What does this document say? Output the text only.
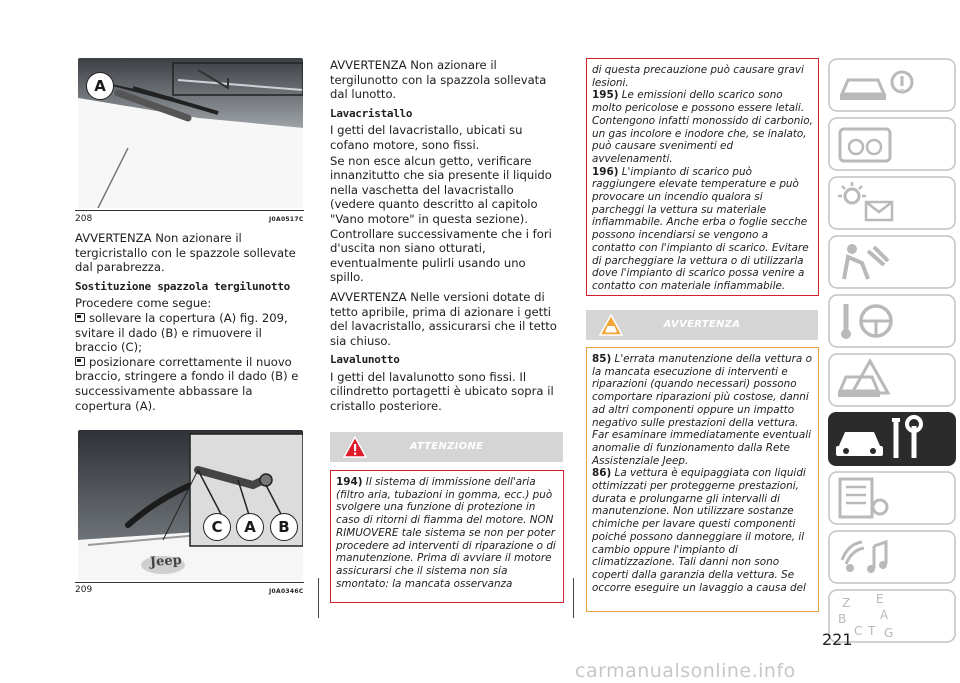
A
208	J0A0517C

AVVERTENZA Non azionare il tergicristallo con le spazzole sollevate dal parabrezza.

Sostituzione spazzola tergilunotto

Procedere come segue:

sollevare la copertura (A) fig. 209, svitare il dado (B) e rimuovere il braccio (C);
posizionare correttamente il nuovo braccio, stringere a fondo il dado (B) e successivamente abbassare la copertura (A).
Jeep
C	A	B
209	J0A0346C

AVVERTENZA Non azionare il tergilunotto con la spazzola sollevata dal lunotto.

Lavacristallo

I getti del lavacristallo, ubicati su cofano motore, sono fissi.

Se non esce alcun getto, verificare innanzitutto che sia presente il liquido nella vaschetta del lavacristallo (vedere quanto descritto al capitolo "Vano motore" in questa sezione). Controllare successivamente che i fori d'uscita non siano otturati, eventualmente pulirli usando uno spillo.

AVVERTENZA Nelle versioni dotate di tetto apribile, prima di azionare i getti del lavacristallo, assicurarsi che il tetto sia chiuso.

Lavalunotto

I getti del lavalunotto sono fissi. Il cilindretto portagetti è ubicato sopra il cristallo posteriore.

ATTENZIONE
194) Il sistema di immissione dell'aria (filtro aria, tubazioni in gomma, ecc.) può svolgere una funzione di protezione in caso di ritorni di fiamma del motore. NON RIMUOVERE tale sistema se non per poter procedere ad interventi di riparazione o di manutenzione. Prima di avviare il motore assicurarsi che il sistema non sia smontato: la mancata osservanza
di questa precauzione può causare gravi lesioni.
195) Le emissioni dello scarico sono molto pericolose e possono essere letali. Contengono infatti monossido di carbonio, un gas incolore e inodore che, se inalato, può causare svenimenti ed avvelenamenti.
196) L'impianto di scarico può raggiungere elevate temperature e può provocare un incendio qualora si parcheggi la vettura su materiale infiammabile. Anche erba o foglie secche possono incendiarsi se vengono a contatto con l'impianto di scarico. Evitare di parcheggiare la vettura o di utilizzarla dove l'impianto di scarico possa venire a contatto con materiale infiammabile.
AVVERTENZA
85) L'errata manutenzione della vettura o la mancata esecuzione di interventi e riparazioni (quando necessari) possono comportare riparazioni più costose, danni ad altri componenti oppure un impatto negativo sulle prestazioni della vettura. Far esaminare immediatamente eventuali anomalie di funzionamento dalla Rete Assistenziale Jeep.
86) La vettura è equipaggiata con liquidi ottimizzati per proteggerne prestazioni, durata e prolungarne gli intervalli di manutenzione. Non utilizzare sostanze chimiche per lavare questi componenti poiché possono danneggiare il motore, il cambio oppure l'impianto di climatizzazione. Tali danni non sono coperti dalla garanzia della vettura. Se occorre eseguire un lavaggio a causa del
Z E
B	A
C T G
221
carmanualsonline.info
